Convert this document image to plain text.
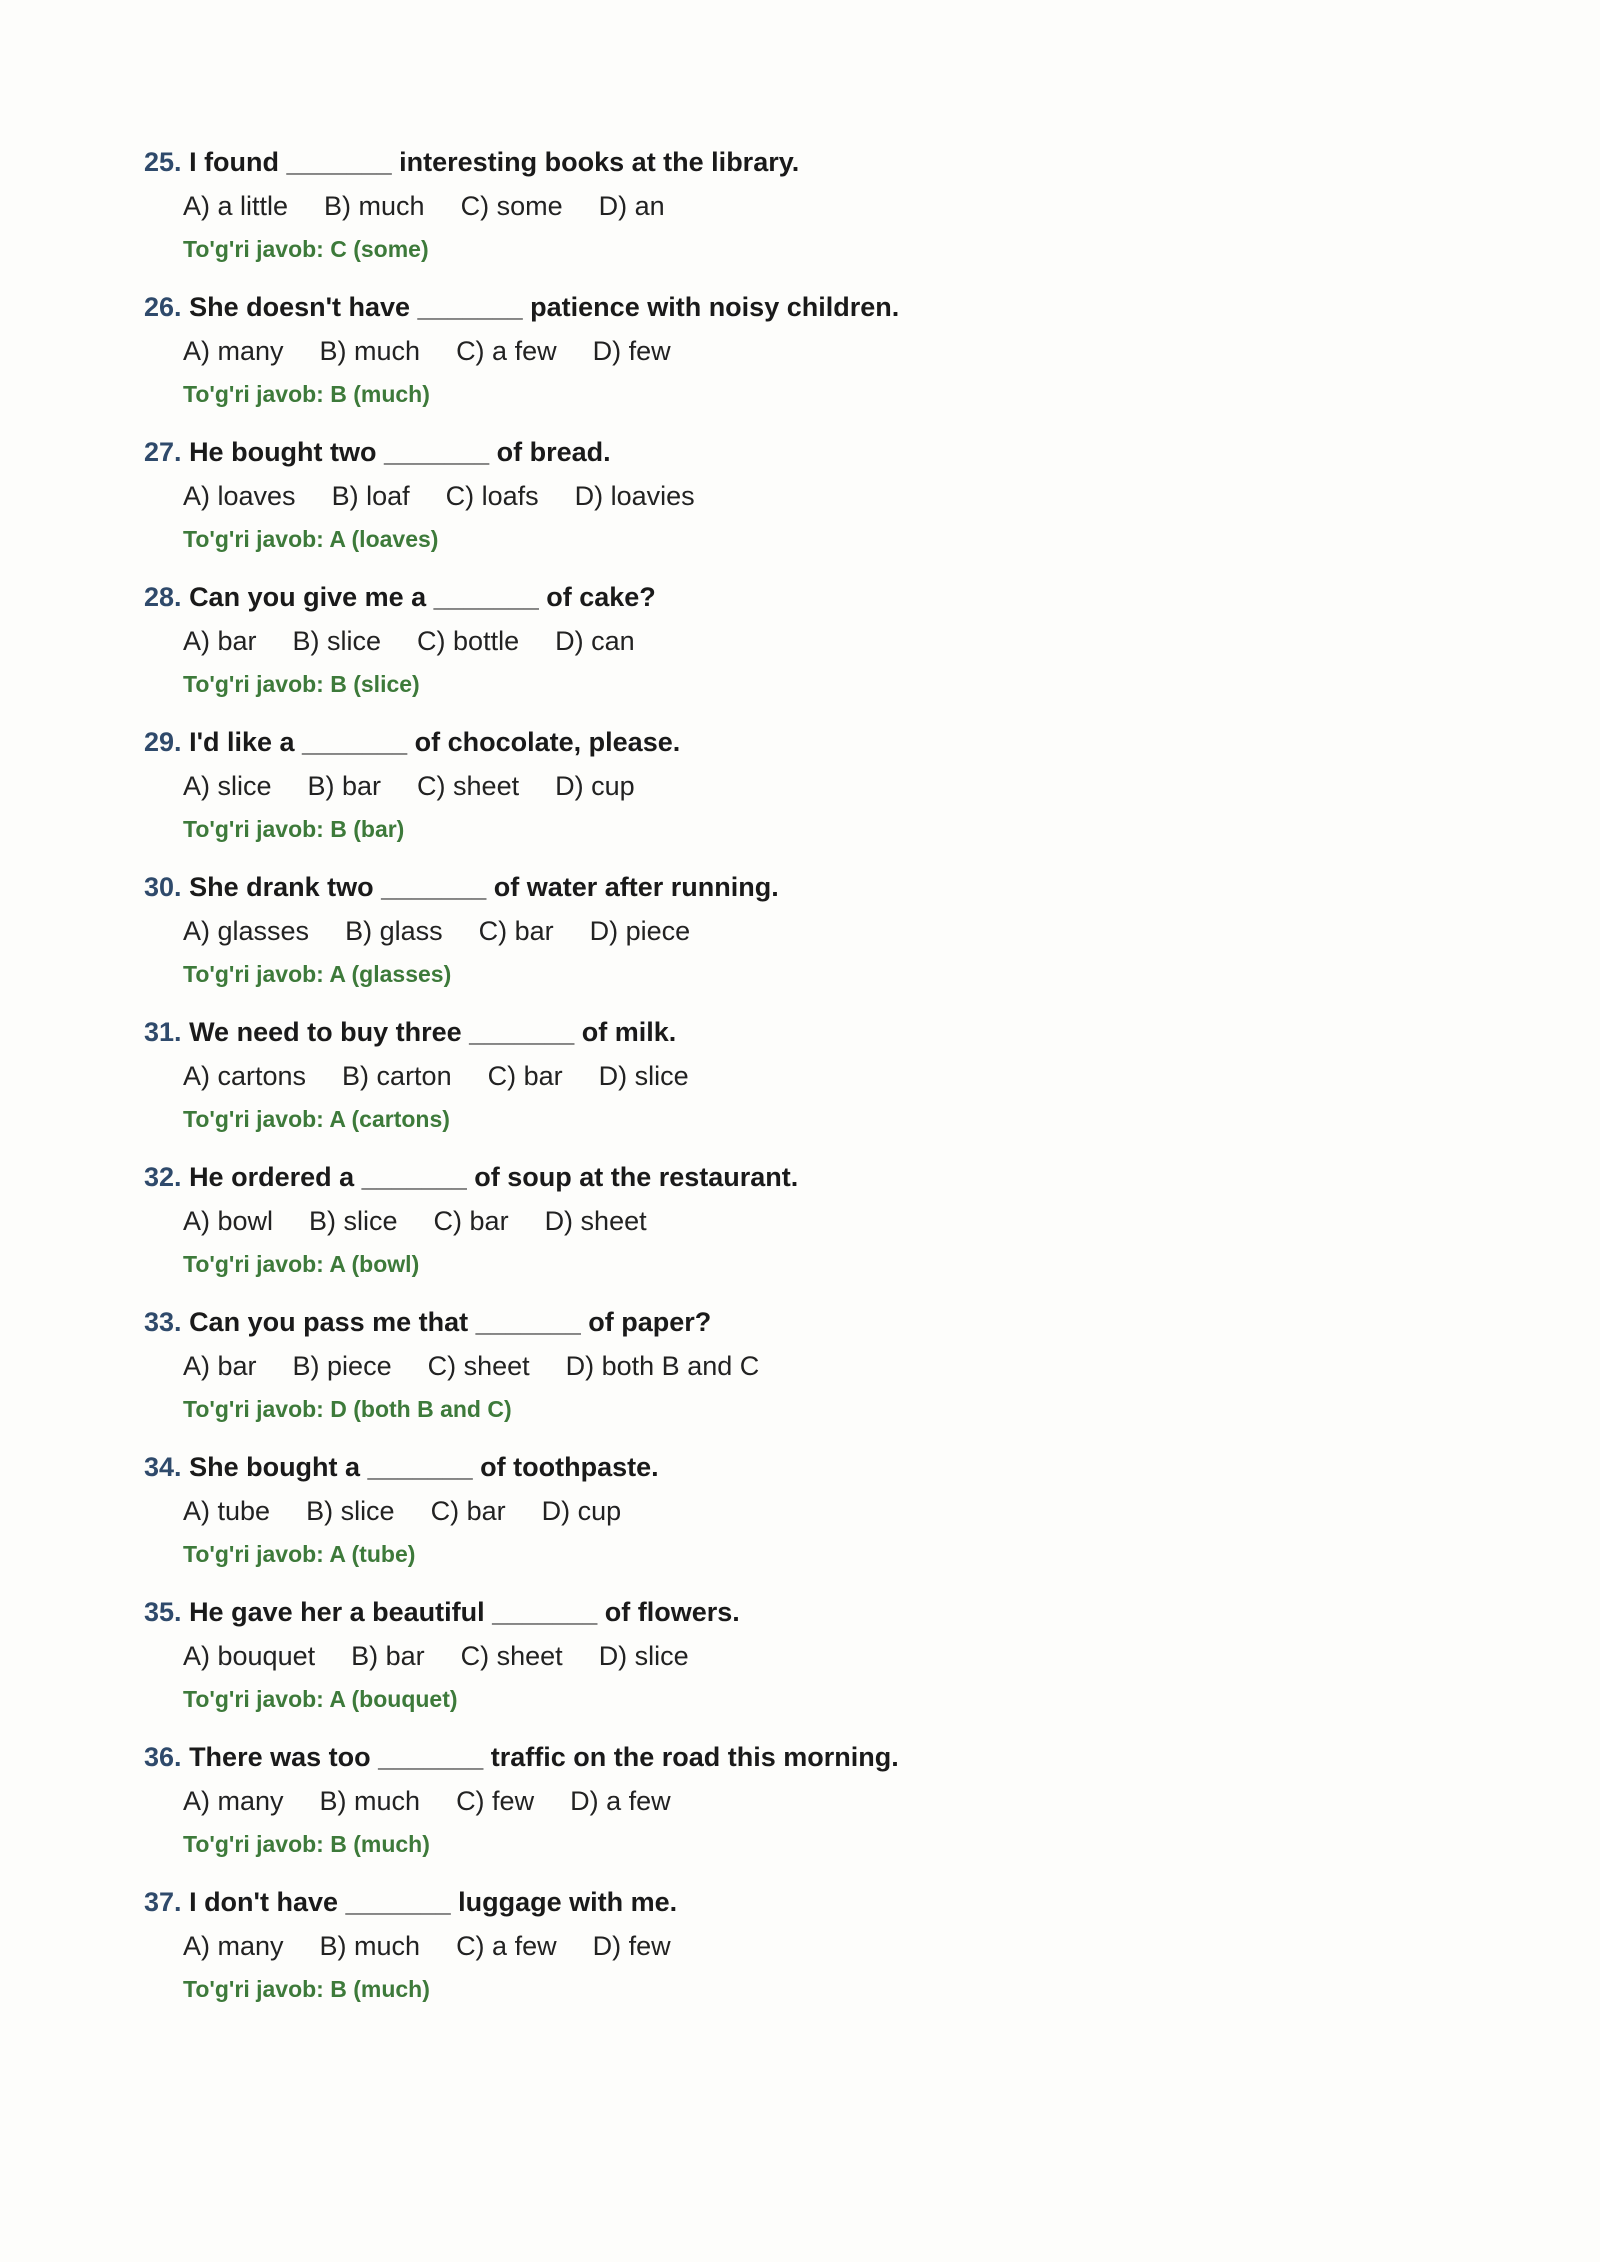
25. I found _______ interesting books at the library.
A) a little B) much C) some D) an
To'g'ri javob: C (some)
26. She doesn't have _______ patience with noisy children.
A) many B) much C) a few D) few
To'g'ri javob: B (much)
27. He bought two _______ of bread.
A) loaves B) loaf C) loafs D) loavies
To'g'ri javob: A (loaves)
28. Can you give me a _______ of cake?
A) bar B) slice C) bottle D) can
To'g'ri javob: B (slice)
29. I'd like a _______ of chocolate, please.
A) slice B) bar C) sheet D) cup
To'g'ri javob: B (bar)
30. She drank two _______ of water after running.
A) glasses B) glass C) bar D) piece
To'g'ri javob: A (glasses)
31. We need to buy three _______ of milk.
A) cartons B) carton C) bar D) slice
To'g'ri javob: A (cartons)
32. He ordered a _______ of soup at the restaurant.
A) bowl B) slice C) bar D) sheet
To'g'ri javob: A (bowl)
33. Can you pass me that _______ of paper?
A) bar B) piece C) sheet D) both B and C
To'g'ri javob: D (both B and C)
34. She bought a _______ of toothpaste.
A) tube B) slice C) bar D) cup
To'g'ri javob: A (tube)
35. He gave her a beautiful _______ of flowers.
A) bouquet B) bar C) sheet D) slice
To'g'ri javob: A (bouquet)
36. There was too _______ traffic on the road this morning.
A) many B) much C) few D) a few
To'g'ri javob: B (much)
37. I don't have _______ luggage with me.
A) many B) much C) a few D) few
To'g'ri javob: B (much)
